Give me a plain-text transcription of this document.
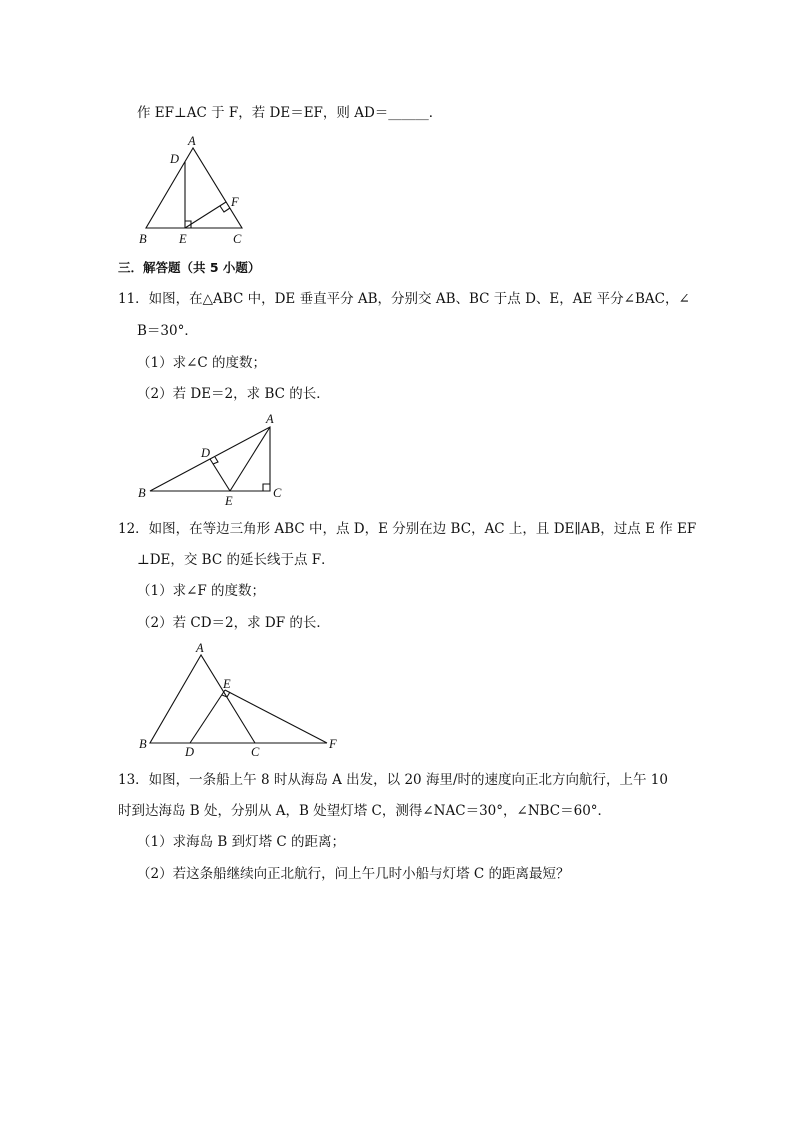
作 EF⊥AC 于 F，若 DE＝EF，则 AD＝______．
A
D
F
B	E	C
三．解答题（共 5 小题）
11．如图，在△ABC 中，DE 垂直平分 AB，分别交 AB、BC 于点 D、E，AE 平分∠BAC，∠
B＝30°．
（1）求∠C 的度数；
（2）若 DE＝2，求 BC 的长．
A
D
B
E
C
12．如图，在等边三角形 ABC 中，点 D，E 分别在边 BC，AC 上，且 DE∥AB，过点 E 作 EF
⊥DE，交 BC 的延长线于点 F．
（1）求∠F 的度数；
（2）若 CD＝2，求 DF 的长．
A
E
B
D	C
F
13．如图，一条船上午 8 时从海岛 A 出发，以 20 海里/时的速度向正北方向航行，上午 10
时到达海岛 B 处，分别从 A，B 处望灯塔 C，测得∠NAC＝30°，∠NBC＝60°．
（1）求海岛 B 到灯塔 C 的距离；
（2）若这条船继续向正北航行，问上午几时小船与灯塔 C 的距离最短？
